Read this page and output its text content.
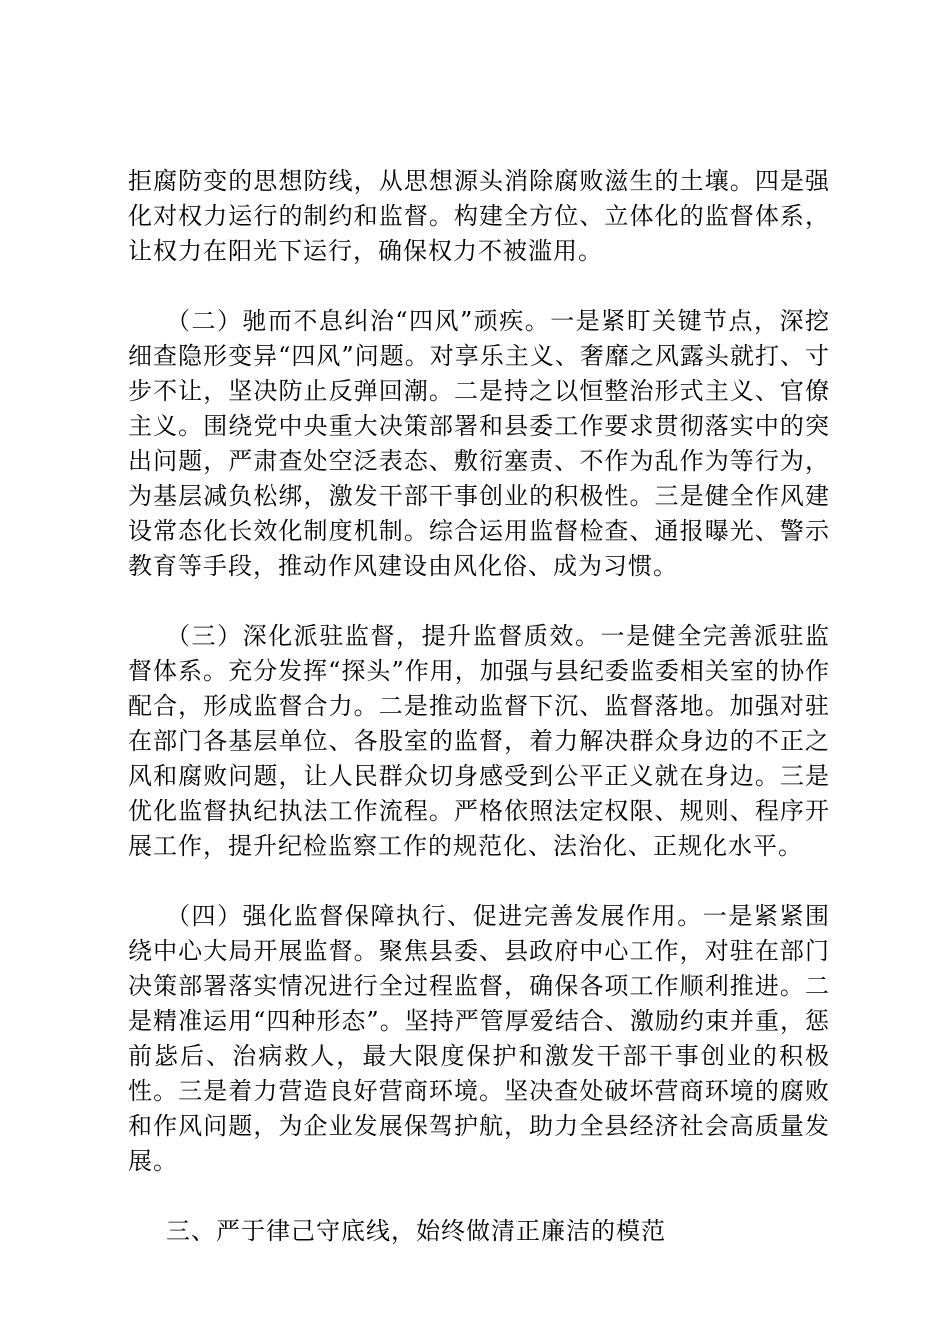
拒腐防变的思想防线，从思想源头消除腐败滋生的土壤。四是强化对权力运行的制约和监督。构建全方位、立体化的监督体系，让权力在阳光下运行，确保权力不被滥用。

（二）驰而不息纠治“四风”顽疾。一是紧盯关键节点，深挖细查隐形变异“四风”问题。对享乐主义、奢靡之风露头就打、寸步不让，坚决防止反弹回潮。二是持之以恒整治形式主义、官僚主义。围绕党中央重大决策部署和县委工作要求贯彻落实中的突出问题，严肃查处空泛表态、敷衍塞责、不作为乱作为等行为，为基层减负松绑，激发干部干事创业的积极性。三是健全作风建设常态化长效化制度机制。综合运用监督检查、通报曝光、警示教育等手段，推动作风建设由风化俗、成为习惯。

（三）深化派驻监督，提升监督质效。一是健全完善派驻监督体系。充分发挥“探头”作用，加强与县纪委监委相关室的协作配合，形成监督合力。二是推动监督下沉、监督落地。加强对驻在部门各基层单位、各股室的监督，着力解决群众身边的不正之风和腐败问题，让人民群众切身感受到公平正义就在身边。三是优化监督执纪执法工作流程。严格依照法定权限、规则、程序开展工作，提升纪检监察工作的规范化、法治化、正规化水平。

（四）强化监督保障执行、促进完善发展作用。一是紧紧围绕中心大局开展监督。聚焦县委、县政府中心工作，对驻在部门决策部署落实情况进行全过程监督，确保各项工作顺利推进。二是精准运用“四种形态”。坚持严管厚爱结合、激励约束并重，惩前毖后、治病救人，最大限度保护和激发干部干事创业的积极性。三是着力营造良好营商环境。坚决查处破坏营商环境的腐败和作风问题，为企业发展保驾护航，助力全县经济社会高质量发展。

三、严于律己守底线，始终做清正廉洁的模范
